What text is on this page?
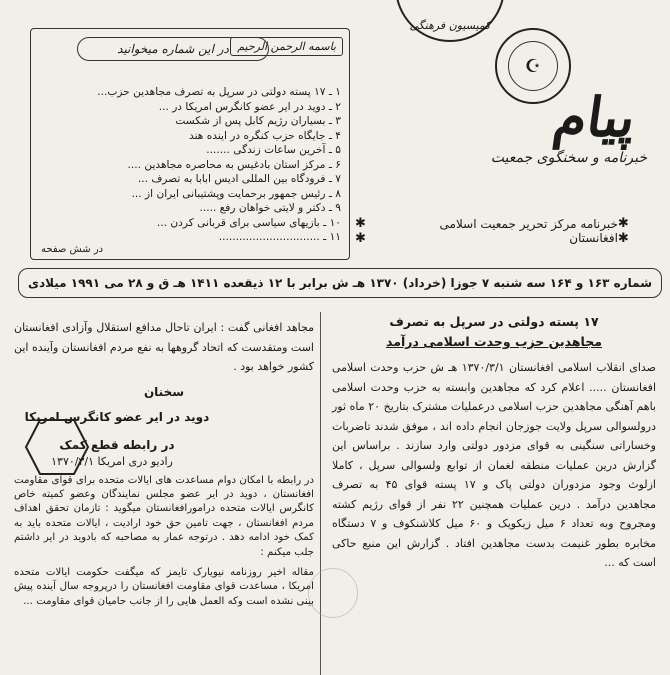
کمیسیون فرهنگی
☪
پیام
خبرنامه و سخنگوی جمعیت
✱ ✱
خبرنامه مرکز تحریر جمعیت اسلامی افغانستان
✱ ✱
باسمه الرحمن الرحیم
در این شماره میخوانید
۱ ـ ۱۷ پسته دولتی در سرپل به تصرف مجاهدین حزب...
۲ ـ دوید در ایر عضو کانگرس امریکا در ...
۳ ـ بسیاران رژیم کابل پس از شکست
۴ ـ جایگاه حزب کنگره در اینده هند
۵ ـ آخرین ساعات زندگی .......
۶ ـ مرکز استان بادغیس به محاصره مجاهدین ....
۷ ـ فرودگاه بین المللی ادیس ابابا به تصرف ...
۸ ـ رئیس جمهور برحمایت وپشتیبانی ایران از ...
۹ ـ دکتر و لایتی خواهان رفع .....
۱۰ ـ بازیهای سیاسی برای قربانی کردن ...
۱۱ ـ ..............................
در شش صفحه
شماره ۱۶۳ و ۱۶۴ سه شنبه ۷ جوزا (خرداد) ۱۳۷۰ هـ ش برابر با ۱۲ ذیقعده ۱۴۱۱ هـ ق و ۲۸ می ۱۹۹۱ میلادی
۱۷ پسته دولتی در سرپل به تصرف
مجاهدین حزب وحدت اسلامی درآمد
صدای انقلاب اسلامی افغانستان ۱۳۷۰/۳/۱ هـ ش حزب وحدت اسلامی افغانستان ..... اعلام کرد که مجاهدین وابسته به حزب وحدت اسلامی باهم آهنگی مجاهدین حزب اسلامی درعملیات مشترک بتاریخ ۲۰ ماه ثور درولسوالی سرپل ولایت جوزجان انجام داده اند ، موفق شدند تاضربات وخساراتی سنگینی به قوای مزدور دولتی وارد سازند . براساس این گزارش درین عملیات منطقه لغمان از توابع ولسوالی سرپل ، کاملا ازلوث وجود مزدوران دولتی پاک و ۱۷ پسته قوای ۴۵ به تصرف مجاهدین درآمد . درین عملیات همچنین ۲۲ نفر از قوای رژیم کشته ومجروح وبه تعداد ۶ میل زیکویک و ۶۰ میل کلاشنکوف و ۷ دستگاه مخابره بطور غنیمت بدست مجاهدین افتاد . گزارش این منبع حاکی است که ...
مجاهد افغانی گفت : ایران تاحال مدافع استقلال وآزادی افغانستان است ومتقدست که اتحاد گروهها به نفع مردم افغانستان وآینده این کشور خواهد بود .
سخنان
دوید در ایر عضو کانگرس امریکا
در رابطه قطع کمک
رادیو دری امریکا ۱۳۷۰/۳/۱
در رابطه با امکان دوام مساعدت های ایالات متحده برای قوای مقاومت افغانستان ، دوید در ایر عضو مجلس نمایندگان وعضو کمیته خاص کانگرس ایالات متحده درامورافغانستان میگوید : تازمان تحقق اهداف مردم افغانستان ، جهت تامین حق خود ارادیت ، ایالات متحده باید به کمک خود ادامه دهد . درتوجه عمار به مصاحبه که بادوید در ایر داشتم جلب میکنم :
مقاله اخیر روزنامه نیویارک تایمز که میگفت حکومت ایالات متحده امریکا ، مساعدت قوای مقاومت افغانستان را درپروجه سال آینده پیش بینی نشده است وکه العمل هایی را از جانب حامیان قوای مقاومت ...
